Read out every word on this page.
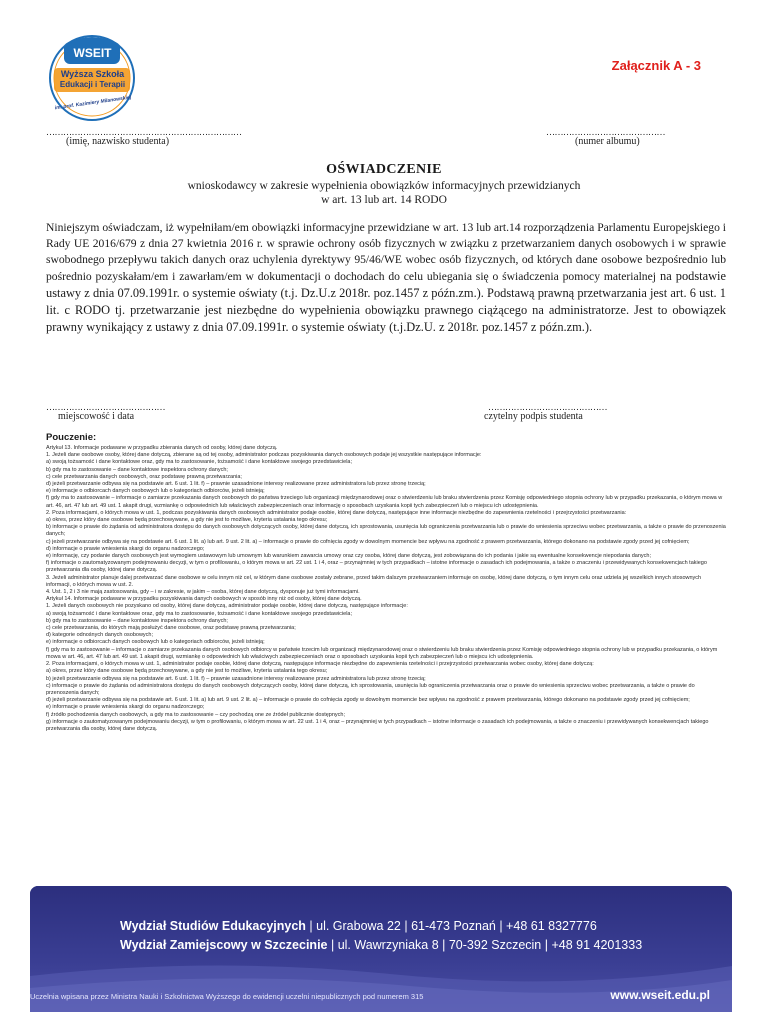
WSEIT
Wyższa Szkoła
Edukacji i Terapii
im. prof. Kazimiery Milanowskiej
Załącznik A - 3
……………………………………………………………
(imię, nazwisko studenta)
……………………………………
(numer albumu)
OŚWIADCZENIE
wnioskodawcy w zakresie wypełnienia obowiązków informacyjnych przewidzianych
w art. 13 lub art. 14 RODO
Niniejszym oświadczam, iż wypełniłam/em obowiązki informacyjne przewidziane w art. 13 lub art.14 rozporządzenia Parlamentu Europejskiego i Rady UE 2016/679 z dnia 27 kwietnia 2016 r. w sprawie ochrony osób fizycznych w związku z przetwarzaniem danych osobowych i w sprawie swobodnego przepływu takich danych oraz uchylenia dyrektywy 95/46/WE wobec osób fizycznych, od których dane osobowe bezpośrednio lub pośrednio pozyskałam/em i zawarłam/em w dokumentacji o dochodach do celu ubiegania się o świadczenia pomocy materialnej na podstawie ustawy z dnia 07.09.1991r. o systemie oświaty (t.j. Dz.U.z 2018r. poz.1457 z późn.zm.). Podstawą prawną przetwarzania jest art. 6 ust. 1 lit. c RODO tj. przetwarzanie jest niezbędne do wypełnienia obowiązku prawnego ciążącego na administratorze. Jest to obowiązek prawny wynikający z ustawy z dnia 07.09.1991r. o systemie oświaty (t.j.Dz.U. z 2018r. poz.1457 z późn.zm.).
……………………………………
miejscowość i data
……………………………………
czytelny podpis studenta
Pouczenie:

Artykuł 13. Informacje podawane w przypadku zbierania danych od osoby, której dane dotyczą.

1. Jeżeli dane osobowe osoby, której dane dotyczą, zbierane są od tej osoby, administrator podczas pozyskiwania danych osobowych podaje jej wszystkie następujące informacje:

a) swoją tożsamość i dane kontaktowe oraz, gdy ma to zastosowanie, tożsamość i dane kontaktowe swojego przedstawiciela;

b) gdy ma to zastosowanie – dane kontaktowe inspektora ochrony danych;

c) cele przetwarzania danych osobowych, oraz podstawę prawną przetwarzania;

d) jeżeli przetwarzanie odbywa się na podstawie art. 6 ust. 1 lit. f) – prawnie uzasadnione interesy realizowane przez administratora lub przez stronę trzecią;

e) informacje o odbiorcach danych osobowych lub o kategoriach odbiorców, jeżeli istnieją;

f) gdy ma to zastosowanie – informacje o zamiarze przekazania danych osobowych do państwa trzeciego lub organizacji międzynarodowej oraz o stwierdzeniu lub braku stwierdzenia przez Komisję odpowiedniego stopnia ochrony lub w przypadku przekazania, o którym mowa w art. 46, art. 47 lub art. 49 ust. 1 akapit drugi, wzmiankę o odpowiednich lub właściwych zabezpieczeniach oraz informację o sposobach uzyskania kopii tych zabezpieczeń lub o miejscu ich udostępnienia.

2. Poza informacjami, o których mowa w ust. 1, podczas pozyskiwania danych osobowych administrator podaje osobie, której dane dotyczą, następujące inne informacje niezbędne do zapewnienia rzetelności i przejrzystości przetwarzania:

a) okres, przez który dane osobowe będą przechowywane, a gdy nie jest to możliwe, kryteria ustalania tego okresu;

b) informacje o prawie do żądania od administratora dostępu do danych osobowych dotyczących osoby, której dane dotyczą, ich sprostowania, usunięcia lub ograniczenia przetwarzania lub o prawie do wniesienia sprzeciwu wobec przetwarzania, a także o prawie do przenoszenia danych;

c) jeżeli przetwarzanie odbywa się na podstawie art. 6 ust. 1 lit. a) lub art. 9 ust. 2 lit. a) – informacje o prawie do cofnięcia zgody w dowolnym momencie bez wpływu na zgodność z prawem przetwarzania, którego dokonano na podstawie zgody przed jej cofnięciem;

d) informacje o prawie wniesienia skargi do organu nadzorczego;

e) informację, czy podanie danych osobowych jest wymogiem ustawowym lub umownym lub warunkiem zawarcia umowy oraz czy osoba, której dane dotyczą, jest zobowiązana do ich podania i jakie są ewentualne konsekwencje niepodania danych;

f) informacje o zautomatyzowanym podejmowaniu decyzji, w tym o profilowaniu, o którym mowa w art. 22 ust. 1 i 4, oraz – przynajmniej w tych przypadkach – istotne informacje o zasadach ich podejmowania, a także o znaczeniu i przewidywanych konsekwencjach takiego przetwarzania dla osoby, której dane dotyczą.

3. Jeżeli administrator planuje dalej przetwarzać dane osobowe w celu innym niż cel, w którym dane osobowe zostały zebrane, przed takim dalszym przetwarzaniem informuje on osobę, której dane dotyczą, o tym innym celu oraz udziela jej wszelkich innych stosownych informacji, o których mowa w ust. 2.

4. Ust. 1, 2 i 3 nie mają zastosowania, gdy – i w zakresie, w jakim – osoba, której dane dotyczą, dysponuje już tymi informacjami.

Artykuł 14. Informacje podawane w przypadku pozyskiwania danych osobowych w sposób inny niż od osoby, której dane dotyczą.

1. Jeżeli danych osobowych nie pozyskano od osoby, której dane dotyczą, administrator podaje osobie, której dane dotyczą, następujące informacje:

a) swoją tożsamość i dane kontaktowe oraz, gdy ma to zastosowanie, tożsamość i dane kontaktowe swojego przedstawiciela;

b) gdy ma to zastosowanie – dane kontaktowe inspektora ochrony danych;

c) cele przetwarzania, do których mają posłużyć dane osobowe, oraz podstawę prawną przetwarzania;

d) kategorie odnośnych danych osobowych;

e) informacje o odbiorcach danych osobowych lub o kategoriach odbiorców, jeżeli istnieją;

f) gdy ma to zastosowanie – informacje o zamiarze przekazania danych osobowych odbiorcy w państwie trzecim lub organizacji międzynarodowej oraz o stwierdzeniu lub braku stwierdzenia przez Komisję odpowiedniego stopnia ochrony lub w przypadku przekazania, o którym mowa w art. 46, art. 47 lub art. 49 ust. 1 akapit drugi, wzmiankę o odpowiednich lub właściwych zabezpieczeniach oraz o sposobach uzyskania kopii tych zabezpieczeń lub o miejscu ich udostępnienia.

2. Poza informacjami, o których mowa w ust. 1, administrator podaje osobie, której dane dotyczą, następujące informacje niezbędne do zapewnienia rzetelności i przejrzystości przetwarzania wobec osoby, której dane dotyczą:

a) okres, przez który dane osobowe będą przechowywane, a gdy nie jest to możliwe, kryteria ustalania tego okresu;

b) jeżeli przetwarzanie odbywa się na podstawie art. 6 ust. 1 lit. f) – prawnie uzasadnione interesy realizowane przez administratora lub przez stronę trzecią;

c) informacje o prawie do żądania od administratora dostępu do danych osobowych dotyczących osoby, której dane dotyczą, ich sprostowania, usunięcia lub ograniczenia przetwarzania oraz o prawie do wniesienia sprzeciwu wobec przetwarzania, a także o prawie do przenoszenia danych;

d) jeżeli przetwarzanie odbywa się na podstawie art. 6 ust. 1 lit. a) lub art. 9 ust. 2 lit. a) – informacje o prawie do cofnięcia zgody w dowolnym momencie bez wpływu na zgodność z prawem przetwarzania, którego dokonano na podstawie zgody przed jej cofnięciem;

e) informacje o prawie wniesienia skargi do organu nadzorczego;

f) źródło pochodzenia danych osobowych, a gdy ma to zastosowanie – czy pochodzą one ze źródeł publicznie dostępnych;

g) informacje o zautomatyzowanym podejmowaniu decyzji, w tym o profilowaniu, o którym mowa w art. 22 ust. 1 i 4, oraz – przynajmniej w tych przypadkach – istotne informacje o zasadach ich podejmowania, a także o znaczeniu i przewidywanych konsekwencjach takiego przetwarzania dla osoby, której dane dotyczą.

Wydział Studiów Edukacyjnych | ul. Grabowa 22 | 61-473 Poznań | +48 61 8327776
Wydział Zamiejscowy w Szczecinie | ul. Wawrzyniaka 8 | 70-392 Szczecin | +48 91 4201333
Uczelnia wpisana przez Ministra Nauki i Szkolnictwa Wyższego do ewidencji uczelni niepublicznych pod numerem 315	www.wseit.edu.pl
